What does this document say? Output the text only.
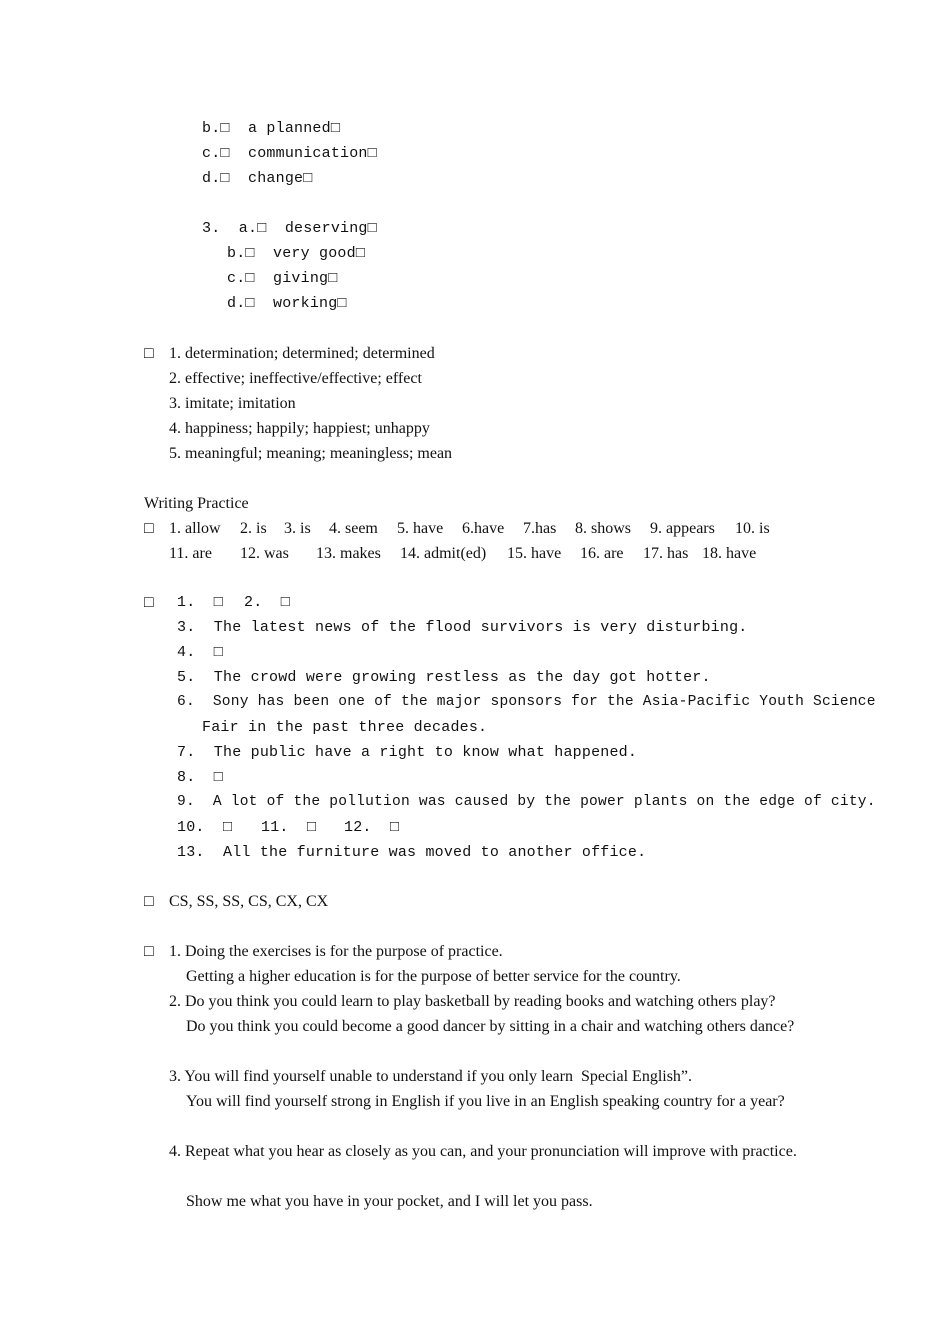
b.□  a planned□
c.□  communication□
d.□  change□
3.  a.□  deserving□
b.□  very good□
c.□  giving□
d.□  working□
□ 1. determination; determined; determined
2. effective; ineffective/effective; effect
3. imitate; imitation
4. happiness; happily; happiest; unhappy
5. meaningful; meaning; meaningless; mean
Writing Practice
□ 1. allow 2. is 3. is 4. seem 5. have 6.have 7.has 8. shows 9. appears 10. is
11. are 12. was 13. makes 14. admit(ed) 15. have 16. are 17. has 18. have
□ 1.  □ 2.  □
3.  The latest news of the flood survivors is very disturbing.
4.  □
5.  The crowd were growing restless as the day got hotter.
6.  Sony has been one of the major sponsors for the Asia-Pacific Youth Science
Fair in the past three decades.
7.  The public have a right to know what happened.
8.  □
9.  A lot of the pollution was caused by the power plants on the edge of city.
10.  □ 11.  □ 12.  □
13.  All the furniture was moved to another office.
□ CS, SS, SS, CS, CX, CX
□ 1. Doing the exercises is for the purpose of practice.
Getting a higher education is for the purpose of better service for the country.
2. Do you think you could learn to play basketball by reading books and watching others play?
Do you think you could become a good dancer by sitting in a chair and watching others dance?
3. You will find yourself unable to understand if you only learn  Special English”.
You will find yourself strong in English if you live in an English speaking country for a year?
4. Repeat what you hear as closely as you can, and your pronunciation will improve with practice.
Show me what you have in your pocket, and I will let you pass.
